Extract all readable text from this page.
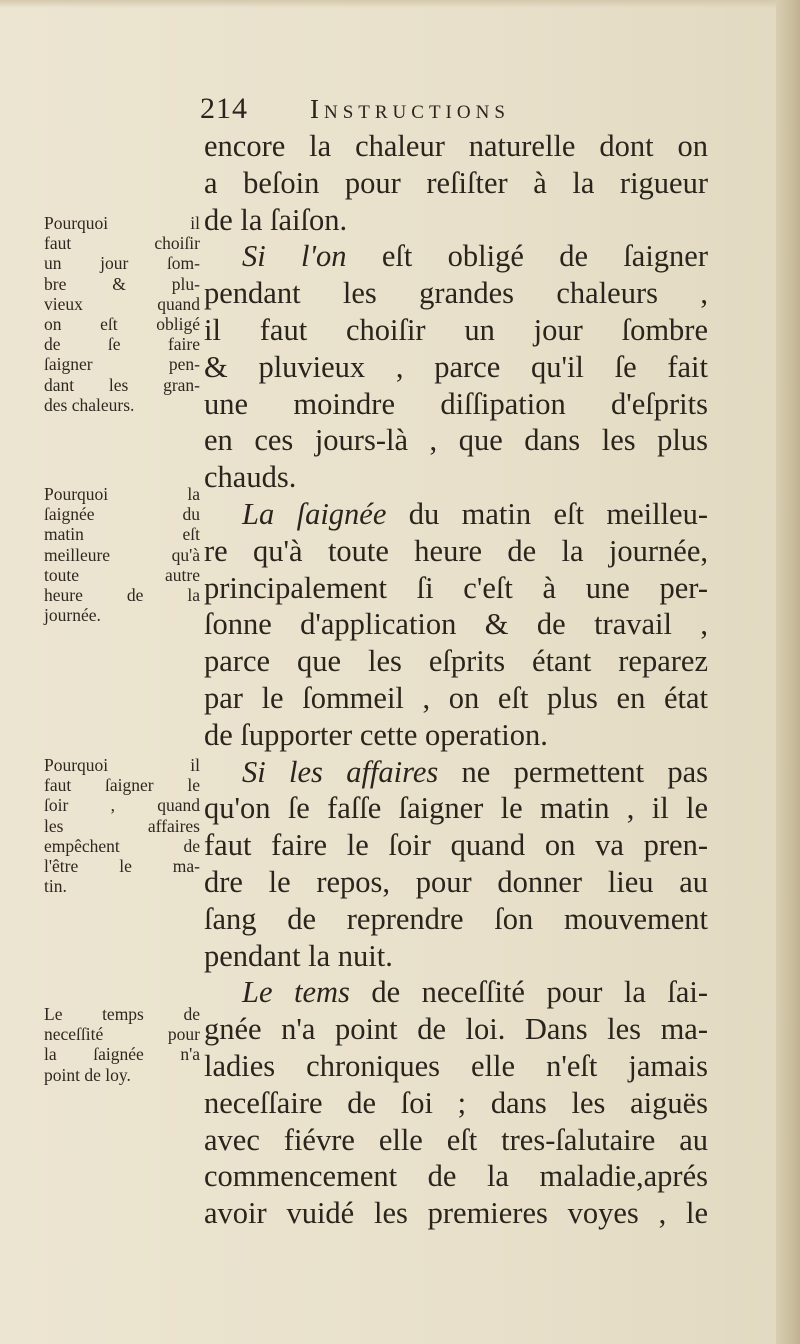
214 Instructions
encore la chaleur naturelle dont on
a beſoin pour reſiſter à la rigueur
de la ſaiſon.
Si l'on eſt obligé de ſaigner
pendant les grandes chaleurs ,
il faut choiſir un jour ſombre
& pluvieux , parce qu'il ſe fait
une moindre diſſipation d'eſprits
en ces jours-là , que dans les plus
chauds.
La ſaignée du matin eſt meilleu-
re qu'à toute heure de la journée,
principalement ſi c'eſt à une per-
ſonne d'application & de travail ,
parce que les eſprits étant reparez
par le ſommeil , on eſt plus en état
de ſupporter cette operation.
Si les affaires ne permettent pas
qu'on ſe faſſe ſaigner le matin , il le
faut faire le ſoir quand on va pren-
dre le repos, pour donner lieu au
ſang de reprendre ſon mouvement
pendant la nuit.
Le tems de neceſſité pour la ſai-
gnée n'a point de loi. Dans les ma-
ladies chroniques elle n'eſt jamais
neceſſaire de ſoi ; dans les aiguës
avec fiévre elle eſt tres-ſalutaire au
commencement de la maladie,aprés
avoir vuidé les premieres voyes , le
Pourquoi il
faut choiſir
un jour ſom-
bre & plu-
vieux quand
on eſt obligé
de ſe faire
ſaigner pen-
dant les gran-
des chaleurs.
Pourquoi la
ſaignée du
matin eſt
meilleure qu'à
toute autre
heure de la
journée.
Pourquoi il
faut ſaigner le
ſoir , quand
les affaires
empêchent de
l'être le ma-
tin.
Le temps de
neceſſité pour
la ſaignée n'a
point de loy.
